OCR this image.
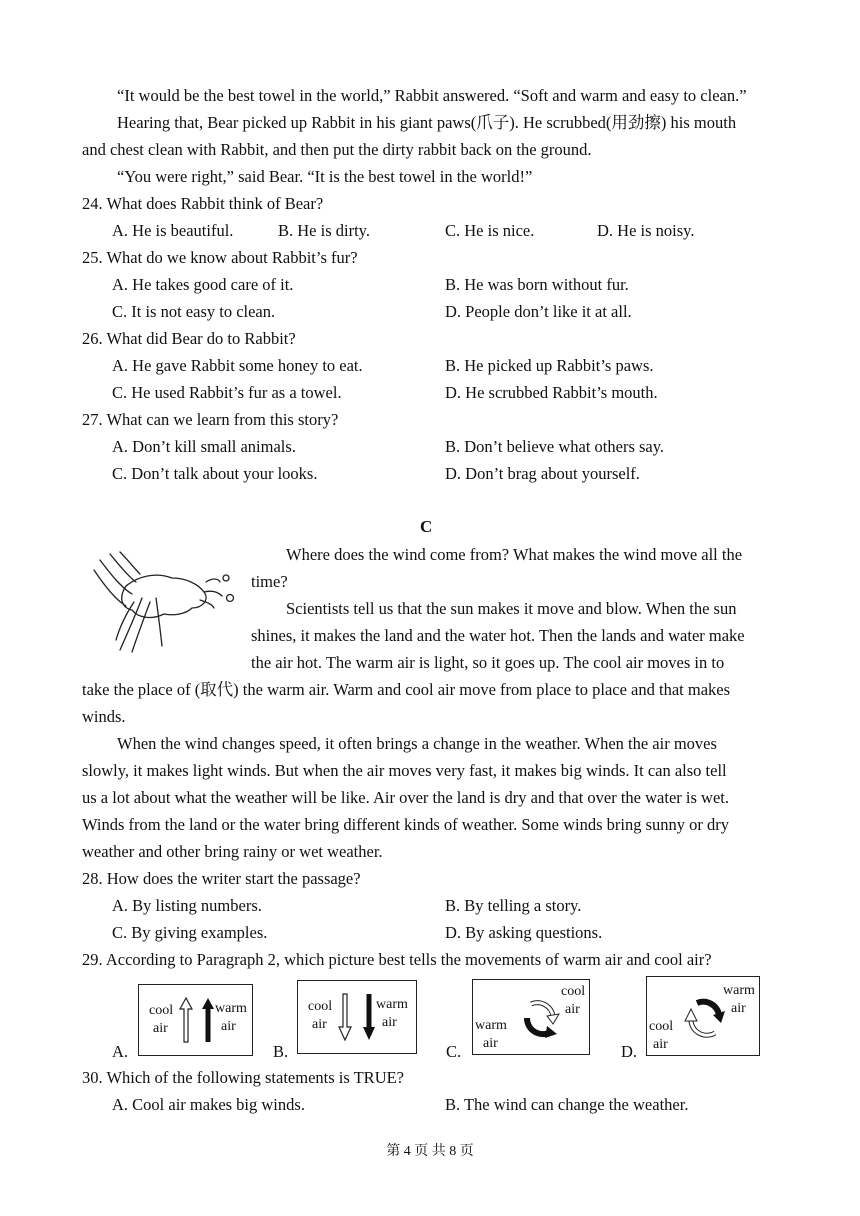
“It would be the best towel in the world,” Rabbit answered. “Soft and warm and easy to clean.”
Hearing that, Bear picked up Rabbit in his giant paws(爪子). He scrubbed(用劲擦) his mouth
and chest clean with Rabbit, and then put the dirty rabbit back on the ground.
“You were right,” said Bear. “It is the best towel in the world!”
24. What does Rabbit think of Bear?
A. He is beautiful.	B. He is dirty.	C. He is nice.	D. He is noisy.
25. What do we know about Rabbit’s fur?
A. He takes good care of it.	B. He was born without fur.
C. It is not easy to clean.	D. People don’t like it at all.
26. What did Bear do to Rabbit?
A. He gave Rabbit some honey to eat.	B. He picked up Rabbit’s paws.
C. He used Rabbit’s fur as a towel.	D. He scrubbed Rabbit’s mouth.
27. What can we learn from this story?
A. Don’t kill small animals.	B. Don’t believe what others say.
C. Don’t talk about your looks.	D. Don’t brag about yourself.
C
Where does the wind come from? What makes the wind move all the
time?
Scientists tell us that the sun makes it move and blow. When the sun
shines, it makes the land and the water hot. Then the lands and water make
the air hot. The warm air is light, so it goes up. The cool air moves in to
take the place of (取代) the warm air. Warm and cool air move from place to place and that makes
winds.
When the wind changes speed, it often brings a change in the weather. When the air moves
slowly, it makes light winds. But when the air moves very fast, it makes big winds. It can also tell
us a lot about what the weather will be like. Air over the land is dry and that over the water is wet.
Winds from the land or the water bring different kinds of weather. Some winds bring sunny or dry
weather and other bring rainy or wet weather.
28. How does the writer start the passage?
A. By listing numbers.	B. By telling a story.
C. By giving examples.	D. By asking questions.
29. According to Paragraph 2, which picture best tells the movements of warm air and cool air?
A.
cool
air
warm
air
B.
cool
air
warm
air
C.
cool
air
warm
air	D.
warm
air
cool
air
30. Which of the following statements is TRUE?
A. Cool air makes big winds.	B. The wind can change the weather.
第 4 页 共 8 页
